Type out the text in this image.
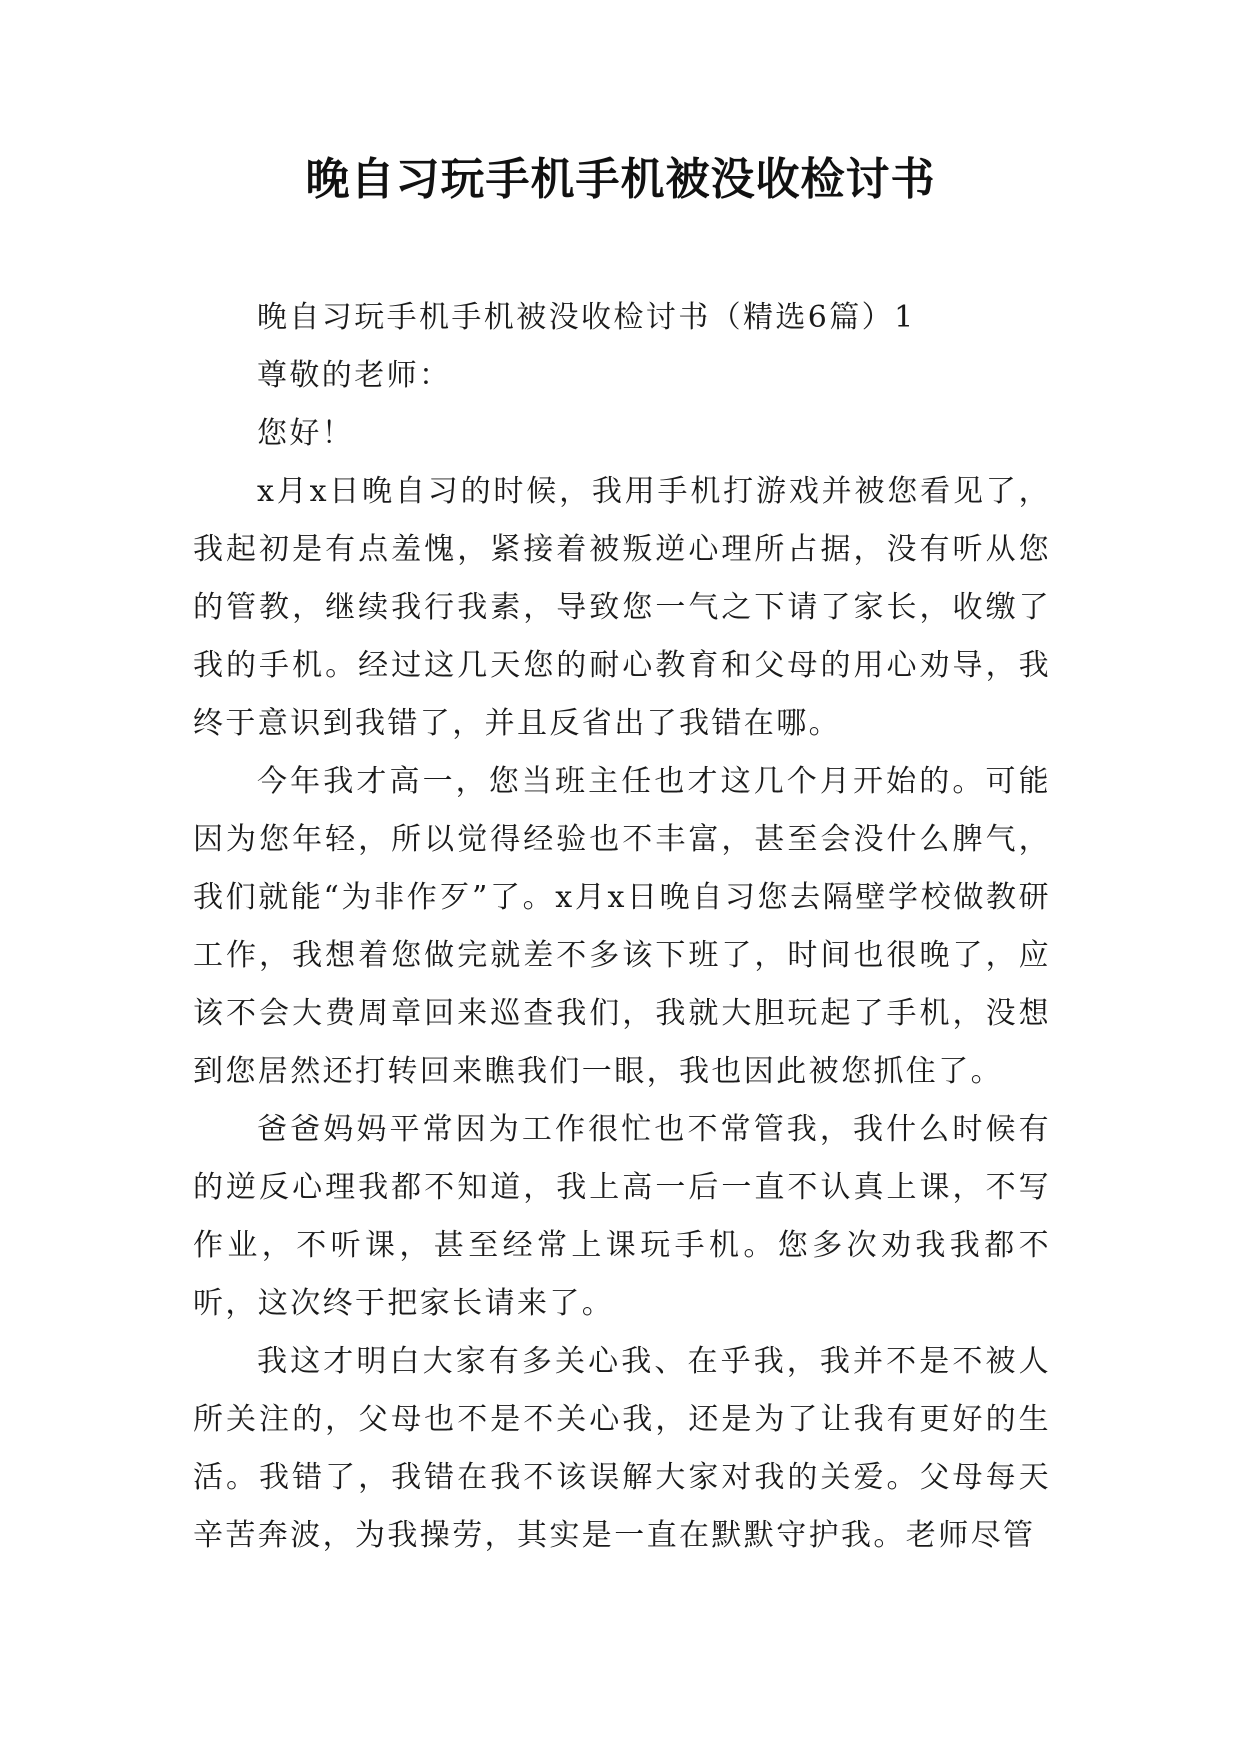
晚自习玩手机手机被没收检讨书

晚自习玩手机手机被没收检讨书（精选6篇）1

尊敬的老师：

您好！

x月x日晚自习的时候，我用手机打游戏并被您看见了，我起初是有点羞愧，紧接着被叛逆心理所占据，没有听从您的管教，继续我行我素，导致您一气之下请了家长，收缴了我的手机。经过这几天您的耐心教育和父母的用心劝导，我终于意识到我错了，并且反省出了我错在哪。

今年我才高一，您当班主任也才这几个月开始的。可能因为您年轻，所以觉得经验也不丰富，甚至会没什么脾气，我们就能“为非作歹”了。x月x日晚自习您去隔壁学校做教研工作，我想着您做完就差不多该下班了，时间也很晚了，应该不会大费周章回来巡查我们，我就大胆玩起了手机，没想到您居然还打转回来瞧我们一眼，我也因此被您抓住了。

爸爸妈妈平常因为工作很忙也不常管我，我什么时候有的逆反心理我都不知道，我上高一后一直不认真上课，不写作业，不听课，甚至经常上课玩手机。您多次劝我我都不听，这次终于把家长请来了。

我这才明白大家有多关心我、在乎我，我并不是不被人所关注的，父母也不是不关心我，还是为了让我有更好的生活。我错了，我错在我不该误解大家对我的关爱。父母每天辛苦奔波，为我操劳，其实是一直在默默守护我。老师尽管
